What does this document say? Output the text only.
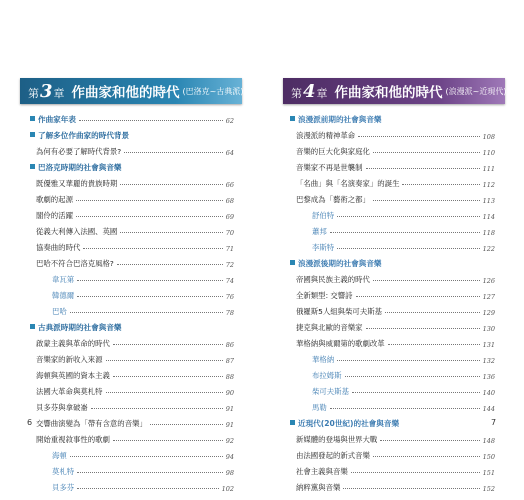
第3章 作曲家和他的時代 (巴洛克~古典派) 62
作曲家年表	62
了解多位作曲家的時代背景
為何有必要了解時代背景?	64
巴洛克時期的社會與音樂
既優雅又華麗的貴族時期	66
歌劇的起源	68
閣伶的活躍	69
從義大利傳入法國、英國	70
協奏曲的時代	71
巴哈不符合巴洛克風格?	72
韋瓦第	74
韓德爾	76
巴哈	78
古典派時期的社會與音樂
啟蒙主義與革命的時代	86
音樂家的新收入來源	87
海頓與英國的資本主義	88
法國大革命與莫札特	90
貝多芬與拿破崙	91
交響曲演變為「帶有含意的音樂」	91
開始重視敘事性的歌劇	92
海頓	94
莫札特	98
貝多芬	102
6
第4章 作曲家和他的時代 (浪漫派~近現代) 113
浪漫派前期的社會與音樂
浪漫派的精神革命	108
音樂的巨大化與家庭化	110
音樂家不再是世襲制	111
「名曲」與「名演奏家」的誕生	112
巴黎成為「藝術之都」	113
舒伯特	114
蕭邦	118
李斯特	122
浪漫派後期的社會與音樂
帝國與民族主義的時代	126
全新類型: 交響詩	127
俄羅斯5人組與柴可夫斯基	129
捷克與北歐的音樂家	130
華格納與威爾第的歌劇改革	131
華格納	132
布拉姆斯	136
柴可夫斯基	140
馬勒	144
近現代(20世紀)的社會與音樂
新媒體的登場與世界大戰	148
由法國發起的新式音樂	150
社會主義與音樂	151
納粹黨與音樂	152
7
